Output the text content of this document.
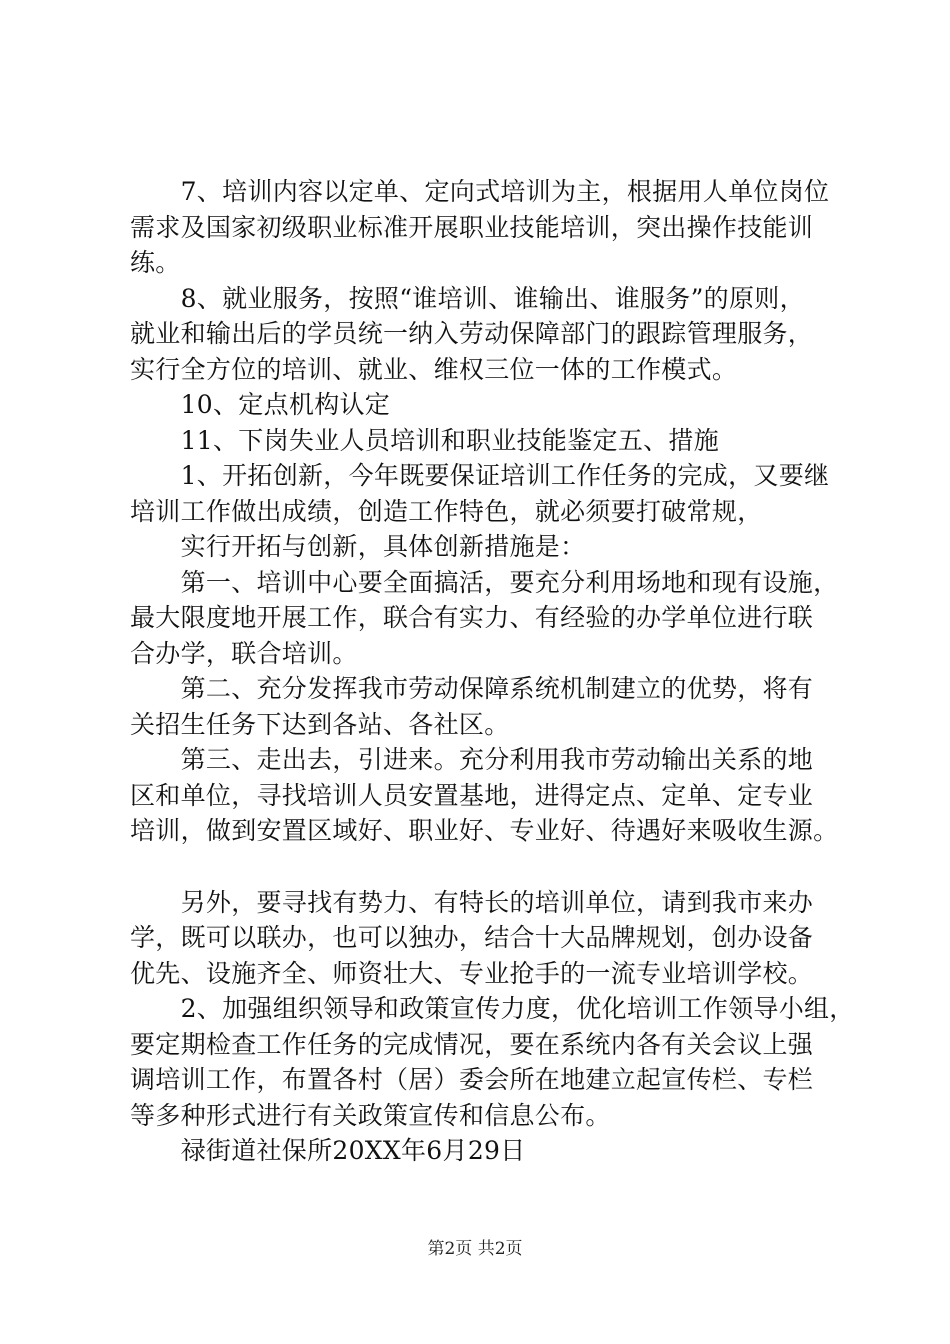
　　7、培训内容以定单、定向式培训为主，根据用人单位岗位

需求及国家初级职业标准开展职业技能培训，突出操作技能训

练。

　　8、就业服务，按照“谁培训、谁输出、谁服务”的原则，

就业和输出后的学员统一纳入劳动保障部门的跟踪管理服务，

实行全方位的培训、就业、维权三位一体的工作模式。

　　10、定点机构认定

　　11、下岗失业人员培训和职业技能鉴定五、措施

　　1、开拓创新，今年既要保证培训工作任务的完成，又要继

培训工作做出成绩，创造工作特色，就必须要打破常规，

　　实行开拓与创新，具体创新措施是：

　　第一、培训中心要全面搞活，要充分利用场地和现有设施，

最大限度地开展工作，联合有实力、有经验的办学单位进行联

合办学，联合培训。

　　第二、充分发挥我市劳动保障系统机制建立的优势，将有

关招生任务下达到各站、各社区。

　　第三、走出去，引进来。充分利用我市劳动输出关系的地

区和单位，寻找培训人员安置基地，进得定点、定单、定专业

培训，做到安置区域好、职业好、专业好、待遇好来吸收生源。

　　另外，要寻找有势力、有特长的培训单位，请到我市来办

学，既可以联办，也可以独办，结合十大品牌规划，创办设备

优先、设施齐全、师资壮大、专业抢手的一流专业培训学校。

　　2、加强组织领导和政策宣传力度，优化培训工作领导小组，

要定期检查工作任务的完成情况，要在系统内各有关会议上强

调培训工作，布置各村（居）委会所在地建立起宣传栏、专栏

等多种形式进行有关政策宣传和信息公布。

　　禄街道社保所20XX年6月29日

第2页 共2页
